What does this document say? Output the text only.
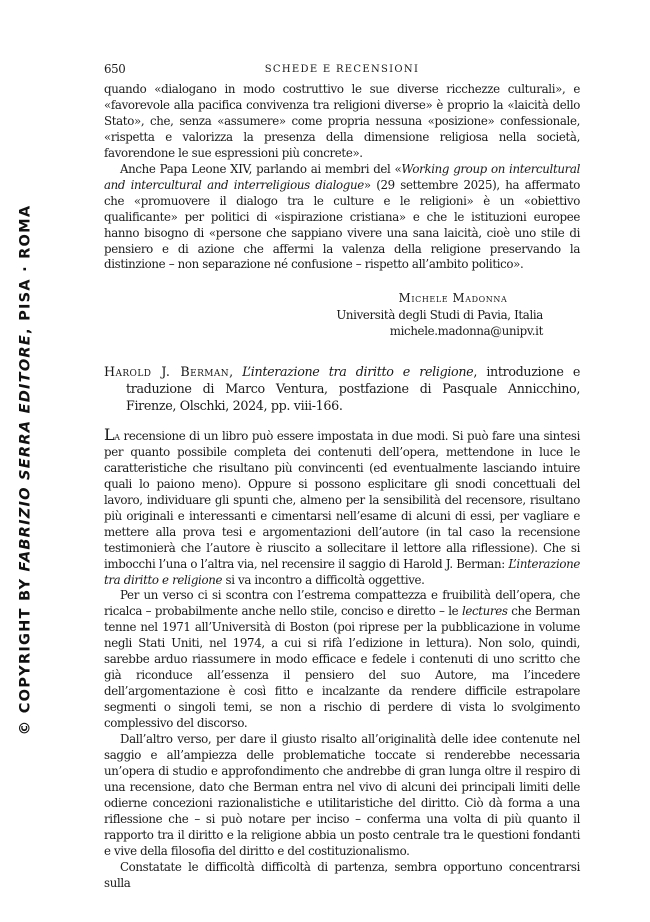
© COPYRIGHT BY FABRIZIO SERRA EDITORE, PISA · ROMA
650	SCHEDE E RECENSIONI

quando «dialogano in modo costruttivo le sue diverse ricchezze culturali», e «favorevole alla pacifica convivenza tra religioni diverse» è proprio la «laicità dello Stato», che, senza «assumere» come propria nessuna «posizione» confessionale, «rispetta e valorizza la presenza della dimensione religiosa nella società, favorendone le sue espressioni più concrete».

Anche Papa Leone XIV, parlando ai membri del «Working group on intercultural and intercultural and interreligious dialogue» (29 settembre 2025), ha affermato che «promuovere il dialogo tra le culture e le religioni» è un «obiettivo qualificante» per politici di «ispirazione cristiana» e che le istituzioni europee hanno bisogno di «persone che sappiano vivere una sana laicità, cioè uno stile di pensiero e di azione che affermi la valenza della religione preservando la distinzione – non separazione né confusione – rispetto all’ambito politico».

Michele Madonna
Università degli Studi di Pavia, Italia
michele.madonna@unipv.it

Harold J. Berman, L’interazione tra diritto e religione, introduzione e traduzione di Marco Ventura, postfazione di Pasquale Annicchino, Firenze, Olschki, 2024, pp. viii-166.

La recensione di un libro può essere impostata in due modi. Si può fare una sintesi per quanto possibile completa dei contenuti dell’opera, mettendone in luce le caratteristiche che risultano più convincenti (ed eventualmente lasciando intuire quali lo paiono meno). Oppure si possono esplicitare gli snodi concettuali del lavoro, individuare gli spunti che, almeno per la sensibilità del recensore, risultano più originali e interessanti e cimentarsi nell’esame di alcuni di essi, per vagliare e mettere alla prova tesi e argomentazioni dell’autore (in tal caso la recensione testimonierà che l’autore è riuscito a sollecitare il lettore alla riflessione). Che si imbocchi l’una o l’altra via, nel recensire il saggio di Harold J. Berman: L’interazione tra diritto e religione si va incontro a difficoltà oggettive.

Per un verso ci si scontra con l’estrema compattezza e fruibilità dell’opera, che ricalca – probabilmente anche nello stile, conciso e diretto – le lectures che Berman tenne nel 1971 all’Università di Boston (poi riprese per la pubblicazione in volume negli Stati Uniti, nel 1974, a cui si rifà l’edizione in lettura). Non solo, quindi, sarebbe arduo riassumere in modo efficace e fedele i contenuti di uno scritto che già riconduce all’essenza il pensiero del suo Autore, ma l’incedere dell’argomentazione è così fitto e incalzante da rendere difficile estrapolare segmenti o singoli temi, se non a rischio di perdere di vista lo svolgimento complessivo del discorso.

Dall’altro verso, per dare il giusto risalto all’originalità delle idee contenute nel saggio e all’ampiezza delle problematiche toccate si renderebbe necessaria un’opera di studio e approfondimento che andrebbe di gran lunga oltre il respiro di una recensione, dato che Berman entra nel vivo di alcuni dei principali limiti delle odierne concezioni razionalistiche e utilitaristiche del diritto. Ciò dà forma a una riflessione che – si può notare per inciso – conferma una volta di più quanto il rapporto tra il diritto e la religione abbia un posto centrale tra le questioni fondanti e vive della filosofia del diritto e del costituzionalismo.

Constatate le difficoltà difficoltà di partenza, sembra opportuno concentrarsi sulla
